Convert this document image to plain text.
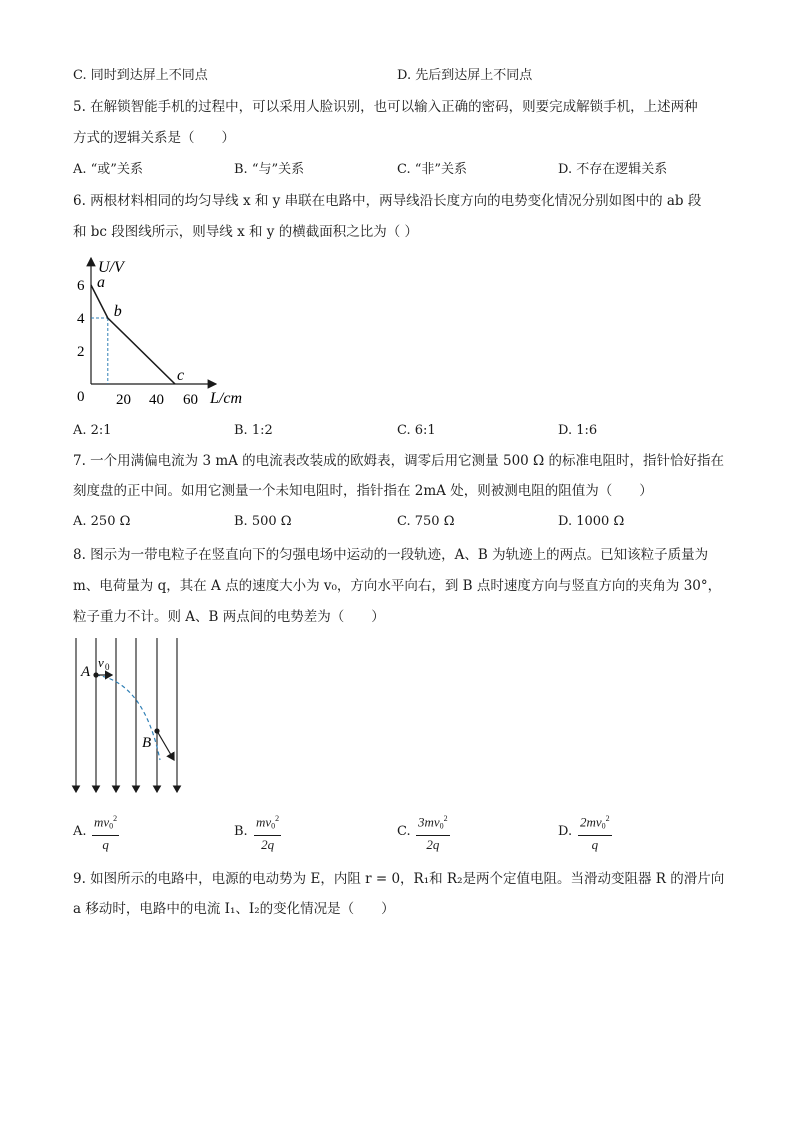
C. 同时到达屏上不同点	D. 先后到达屏上不同点
5. 在解锁智能手机的过程中，可以采用人脸识别，也可以输入正确的密码，则要完成解锁手机，上述两种
方式的逻辑关系是（　　）
A. “或”关系	B. “与”关系	C. “非”关系	D. 不存在逻辑关系
6. 两根材料相同的均匀导线 x 和 y 串联在电路中，两导线沿长度方向的电势变化情况分别如图中的 ab 段
和 bc 段图线所示，则导线 x 和 y 的横截面积之比为（ ）
U/V
L/cm
0
2
4
6
20 40 60
a
b
c
A. 2:1	B. 1:2	C. 6:1	D. 1:6
7. 一个用满偏电流为 3 mA 的电流表改装成的欧姆表，调零后用它测量 500 Ω 的标准电阻时，指针恰好指在
刻度盘的正中间。如用它测量一个未知电阻时，指针指在 2mA 处，则被测电阻的阻值为（　　）
A. 250 Ω	B. 500 Ω	C. 750 Ω	D. 1000 Ω
8. 图示为一带电粒子在竖直向下的匀强电场中运动的一段轨迹，A、B 为轨迹上的两点。已知该粒子质量为
m、电荷量为 q，其在 A 点的速度大小为 v₀，方向水平向右，到 B 点时速度方向与竖直方向的夹角为 30°，
粒子重力不计。则 A、B 两点间的电势差为（　　）
A
B
v 0
A. $\frac{mv_0^2}{q}$	B. $\frac{mv_0^2}{2q}$	C. $\frac{3mv_0^2}{2q}$	D. $\frac{2mv_0^2}{q}$
9. 如图所示的电路中，电源的电动势为 E，内阻 r = 0，R₁和 R₂是两个定值电阻。当滑动变阻器 R 的滑片向
a 移动时，电路中的电流 I₁、I₂的变化情况是（　　）
